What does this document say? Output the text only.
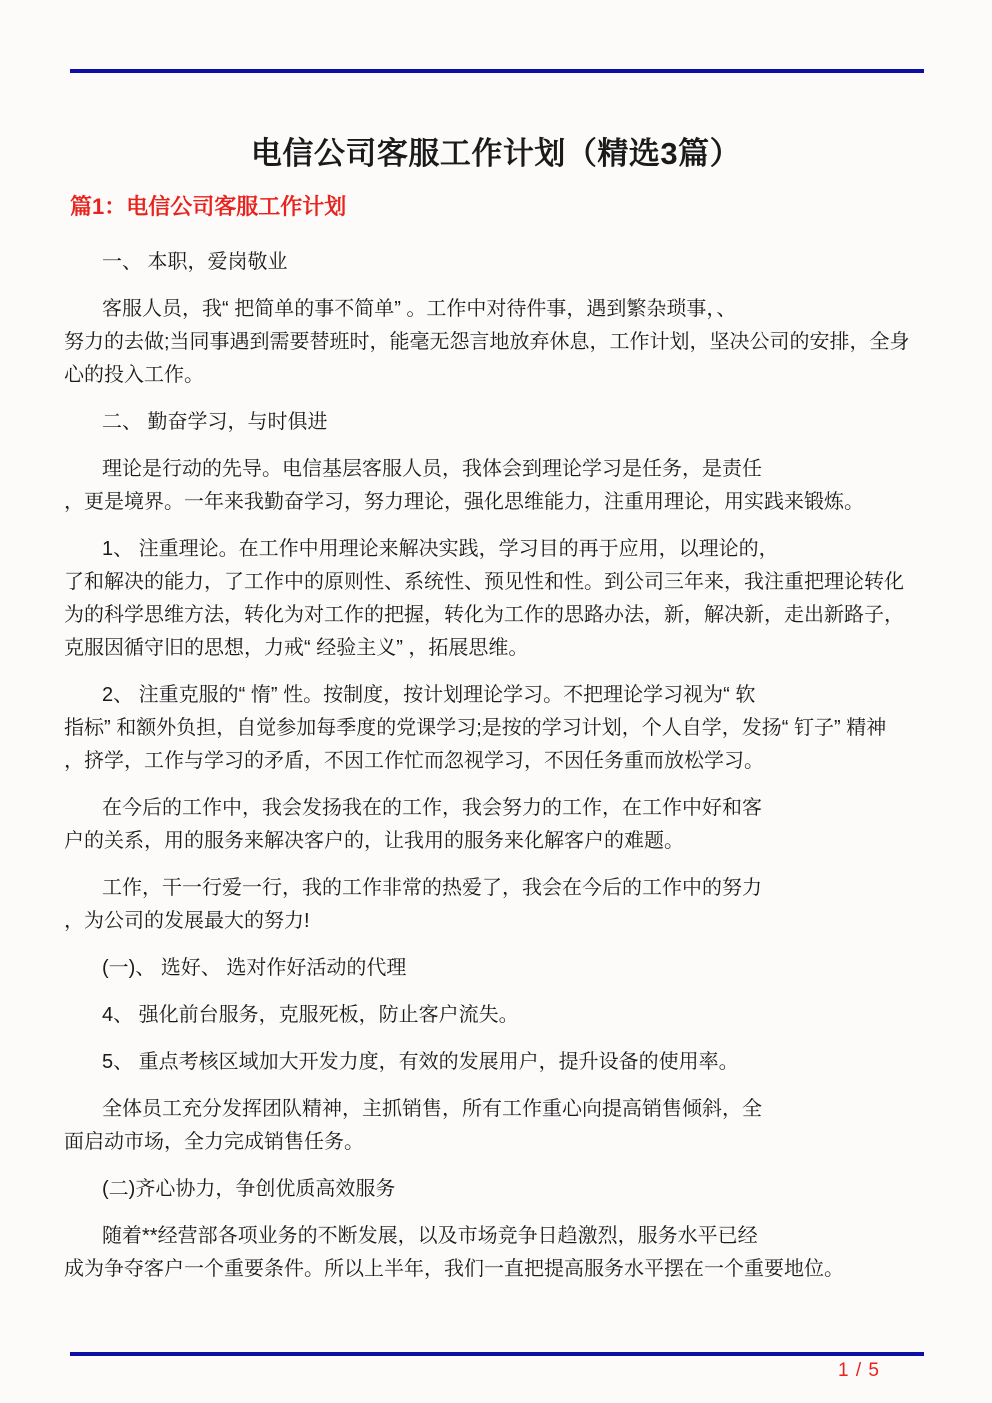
电信公司客服工作计划（精选3篇）
篇1：电信公司客服工作计划

一、 本职，爱岗敬业

客服人员，我“ 把简单的事不简单” 。工作中对待件事，遇到繁杂琐事，、
努力的去做;当同事遇到需要替班时，能毫无怨言地放弃休息，工作计划，坚决公司的安排，全身
心的投入工作。

二、 勤奋学习，与时俱进

理论是行动的先导。电信基层客服人员，我体会到理论学习是任务，是责任
，更是境界。一年来我勤奋学习，努力理论，强化思维能力，注重用理论，用实践来锻炼。

1、 注重理论。在工作中用理论来解决实践，学习目的再于应用，以理论的，
了和解决的能力，了工作中的原则性、系统性、预见性和性。到公司三年来，我注重把理论转化
为的科学思维方法，转化为对工作的把握，转化为工作的思路办法，新，解决新，走出新路子，
克服因循守旧的思想，力戒“ 经验主义” ，拓展思维。

2、 注重克服的“ 惰” 性。按制度，按计划理论学习。不把理论学习视为“ 软
指标” 和额外负担，自觉参加每季度的党课学习;是按的学习计划，个人自学，发扬“ 钉子” 精神
，挤学，工作与学习的矛盾，不因工作忙而忽视学习，不因任务重而放松学习。

在今后的工作中，我会发扬我在的工作，我会努力的工作，在工作中好和客
户的关系，用的服务来解决客户的，让我用的服务来化解客户的难题。

工作，干一行爱一行，我的工作非常的热爱了，我会在今后的工作中的努力
，为公司的发展最大的努力!

(一)、 选好、 选对作好活动的代理

4、 强化前台服务，克服死板，防止客户流失。

5、 重点考核区域加大开发力度，有效的发展用户，提升设备的使用率。

全体员工充分发挥团队精神，主抓销售，所有工作重心向提高销售倾斜，全
面启动市场，全力完成销售任务。

(二)齐心协力，争创优质高效服务

随着**经营部各项业务的不断发展，以及市场竞争日趋激烈，服务水平已经
成为争夺客户一个重要条件。所以上半年，我们一直把提高服务水平摆在一个重要地位。

1 / 5
